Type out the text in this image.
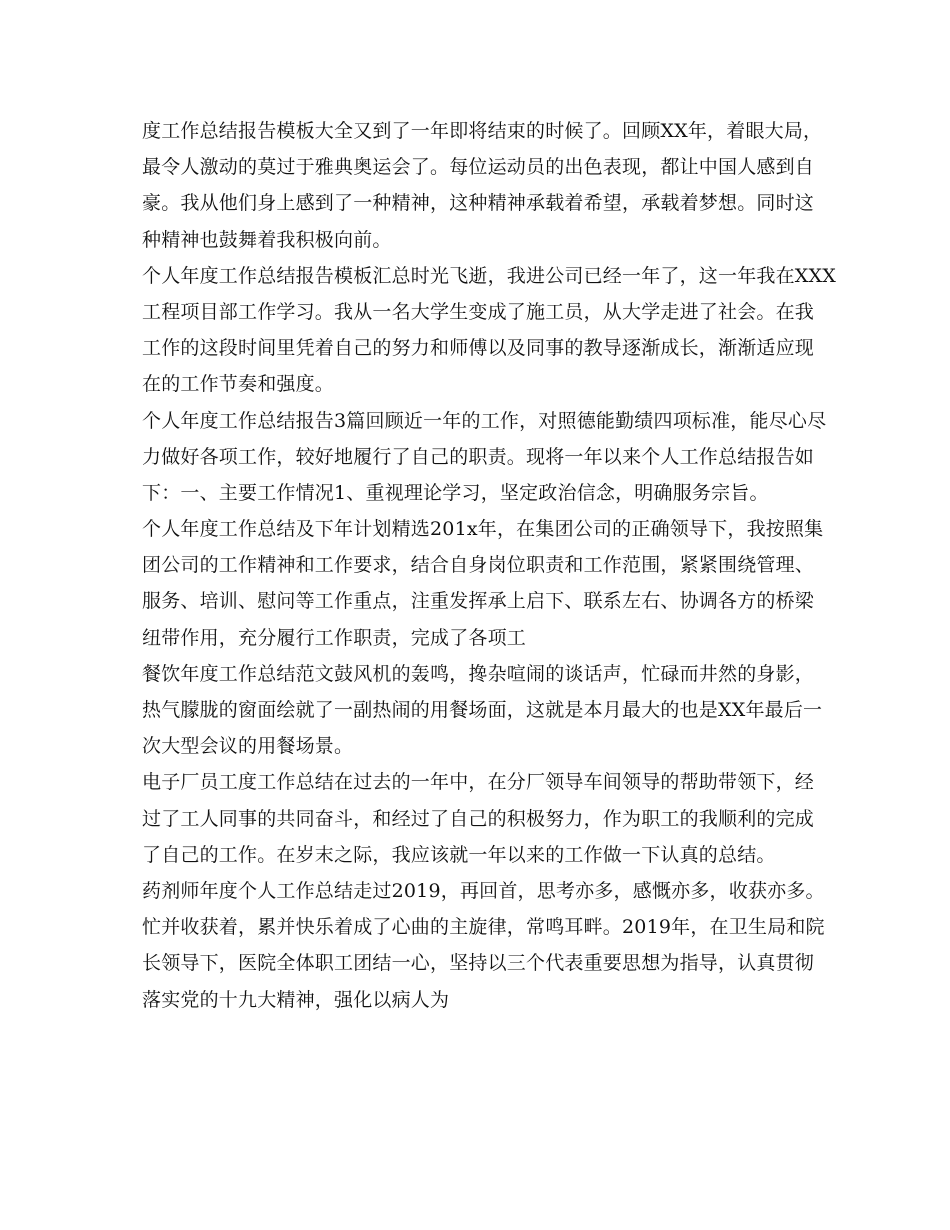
度工作总结报告模板大全又到了一年即将结束的时候了。回顾XX年，着眼大局，
最令人激动的莫过于雅典奥运会了。每位运动员的出色表现，都让中国人感到自
豪。我从他们身上感到了一种精神，这种精神承载着希望，承载着梦想。同时这
种精神也鼓舞着我积极向前。

个人年度工作总结报告模板汇总时光飞逝，我进公司已经一年了，这一年我在XXX
工程项目部工作学习。我从一名大学生变成了施工员，从大学走进了社会。在我
工作的这段时间里凭着自己的努力和师傅以及同事的教导逐渐成长，渐渐适应现
在的工作节奏和强度。

个人年度工作总结报告3篇回顾近一年的工作，对照德能勤绩四项标准，能尽心尽
力做好各项工作，较好地履行了自己的职责。现将一年以来个人工作总结报告如
下：一、主要工作情况1、重视理论学习，坚定政治信念，明确服务宗旨。

个人年度工作总结及下年计划精选201x年，在集团公司的正确领导下，我按照集
团公司的工作精神和工作要求，结合自身岗位职责和工作范围，紧紧围绕管理、
服务、培训、慰问等工作重点，注重发挥承上启下、联系左右、协调各方的桥梁
纽带作用，充分履行工作职责，完成了各项工

餐饮年度工作总结范文鼓风机的轰鸣，搀杂喧闹的谈话声，忙碌而井然的身影，
热气朦胧的窗面绘就了一副热闹的用餐场面，这就是本月最大的也是XX年最后一
次大型会议的用餐场景。

电子厂员工度工作总结在过去的一年中，在分厂领导车间领导的帮助带领下，经
过了工人同事的共同奋斗，和经过了自己的积极努力，作为职工的我顺利的完成
了自己的工作。在岁末之际，我应该就一年以来的工作做一下认真的总结。

药剂师年度个人工作总结走过2019，再回首，思考亦多，感慨亦多，收获亦多。
忙并收获着，累并快乐着成了心曲的主旋律，常鸣耳畔。2019年，在卫生局和院
长领导下，医院全体职工团结一心，坚持以三个代表重要思想为指导，认真贯彻
落实党的十九大精神，强化以病人为
